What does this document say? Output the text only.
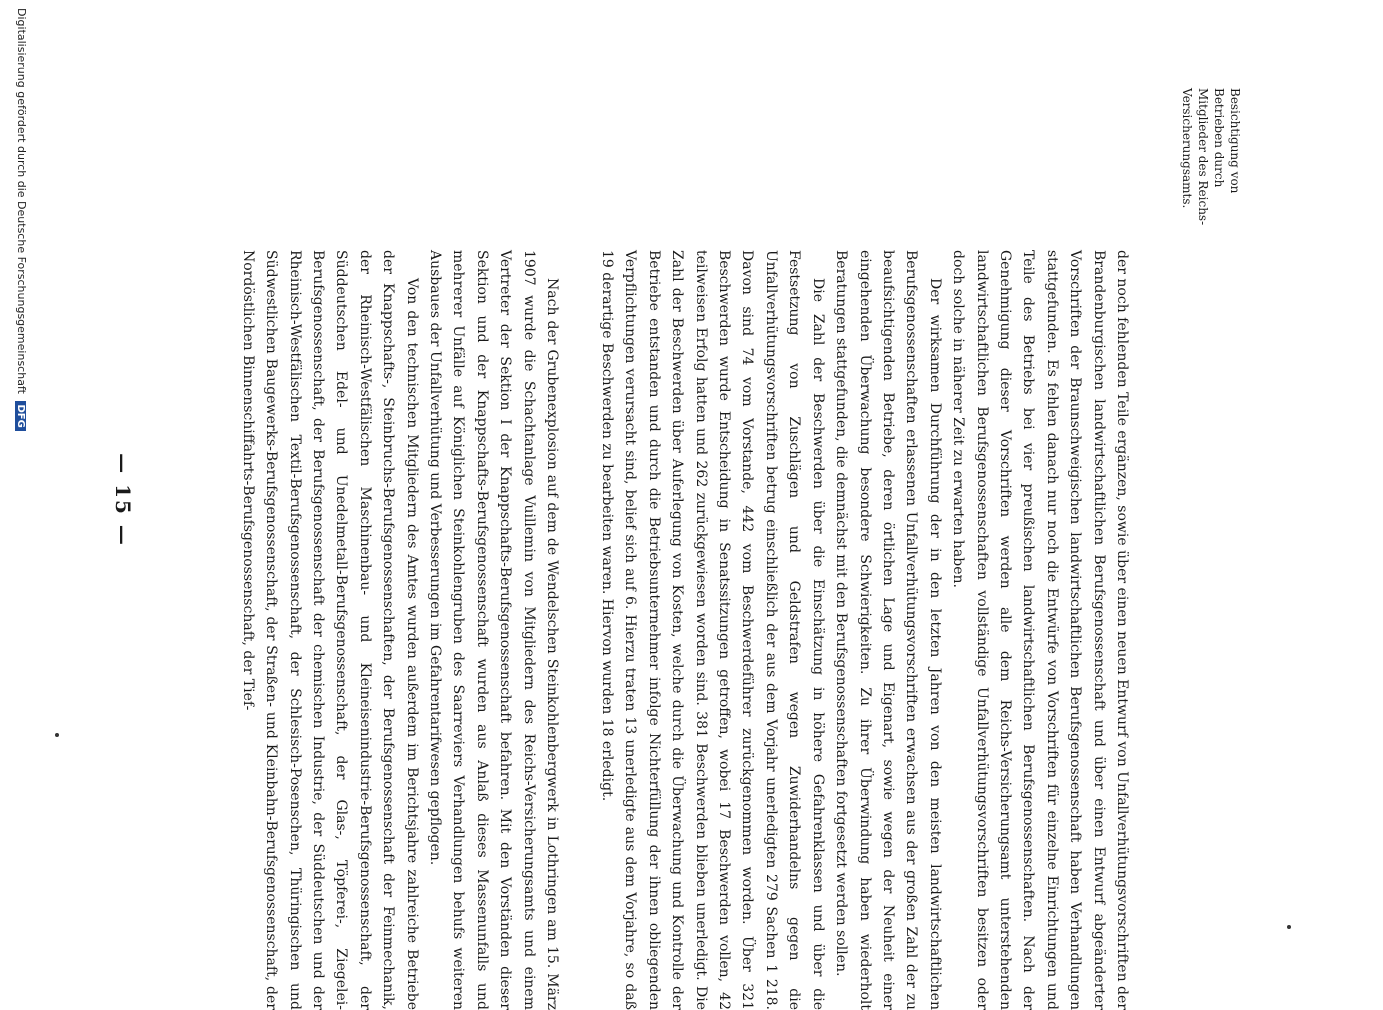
Besichtigung von Betrieben durch Mitglieder des Reichs-Versicherungsamts.

der noch fehlenden Teile ergänzen, sowie über einen neuen Entwurf von Unfallverhütungsvorschriften der Brandenburgischen landwirtschaftlichen Berufsgenossenschaft und über einen Entwurf abgeänderter Vorschriften der Braunschweigischen landwirtschaftlichen Berufsgenossenschaft haben Verhandlungen stattgefunden. Es fehlen danach nur noch die Entwürfe von Vorschriften für einzelne Einrichtungen und Teile des Betriebs bei vier preußischen landwirtschaftlichen Berufsgenossenschaften. Nach der Genehmigung dieser Vorschriften werden alle dem Reichs-Versicherungsamt unterstehenden landwirtschaftlichen Berufsgenossenschaften vollständige Unfallverhütungsvorschriften besitzen oder doch solche in näherer Zeit zu erwarten haben.

Der wirksamen Durchführung der in den letzten Jahren von den meisten landwirtschaftlichen Berufsgenossenschaften erlassenen Unfallverhütungsvorschriften erwachsen aus der großen Zahl der zu beaufsichtigenden Betriebe, deren örtlichen Lage und Eigenart, sowie wegen der Neuheit einer eingehenden Überwachung besondere Schwierigkeiten. Zu ihrer Überwindung haben wiederholt Beratungen stattgefunden, die demnächst mit den Berufsgenossenschaften fortgesetzt werden sollen.

Die Zahl der Beschwerden über die Einschätzung in höhere Gefahrenklassen und über die Festsetzung von Zuschlägen und Geldstrafen wegen Zuwiderhandelns gegen die Unfallverhütungsvorschriften betrug einschließlich der aus dem Vorjahr unerledigten 279 Sachen 1 218. Davon sind 74 vom Vorstande, 442 vom Beschwerdeführer zurückgenommen worden. Über 321 Beschwerden wurde Entscheidung in Senatssitzungen getroffen, wobei 17 Beschwerden vollen, 42 teilweisen Erfolg hatten und 262 zurückgewiesen worden sind. 381 Beschwerden blieben unerledigt. Die Zahl der Beschwerden über Auferlegung von Kosten, welche durch die Überwachung und Kontrolle der Betriebe entstanden und durch die Betriebsunternehmer infolge Nichterfüllung der ihnen obliegenden Verpflichtungen verursacht sind, belief sich auf 6. Hierzu traten 13 unerledigte aus dem Vorjahre, so daß 19 derartige Beschwerden zu bearbeiten waren. Hiervon wurden 18 erledigt.

Nach der Grubenexplosion auf dem de Wendelschen Steinkohlenbergwerk in Lothringen am 15. März 1907 wurde die Schachtanlage Vuillemin von Mitgliedern des Reichs-Versicherungsamts und einem Vertreter der Sektion I der Knappschafts-Berufsgenossenschaft befahren. Mit den Vorständen dieser Sektion und der Knappschafts-Berufsgenossenschaft wurden aus Anlaß dieses Massenunfalls und mehrerer Unfälle auf Königlichen Steinkohlengruben des Saarreviers Verhandlungen behufs weiteren Ausbaues der Unfallverhütung und Verbesserungen im Gefahrentarifwesen gepflogen.

Von den technischen Mitgliedern des Amtes wurden außerdem im Berichtsjahre zahlreiche Betriebe der Knappschafts-, Steinbruchs-Berufsgenossenschaften, der Berufsgenossenschaft der Feinmechanik, der Rheinisch-Westfälischen Maschinenbau- und Kleineisenindustrie-Berufsgenossenschaft, der Süddeutschen Edel- und Unedelmetall-Berufsgenossenschaft, der Glas-, Töpferei-, Ziegelei-Berufsgenossenschaft, der Berufsgenossenschaft der chemischen Industrie, der Süddeutschen und der Rheinisch-Westfälischen Textil-Berufsgenossenschaft, der Schlesisch-Posenschen, Thüringischen und Südwestlichen Baugewerks-Berufsgenossenschaft, der Straßen- und Kleinbahn-Berufsgenossenschaft, der Nordöstlichen Binnenschiffahrts-Berufsgenossenschaft, der Tief-

— 15 —
Digitalisierung gefördert durch die Deutsche Forschungsgemeinschaft DFG
